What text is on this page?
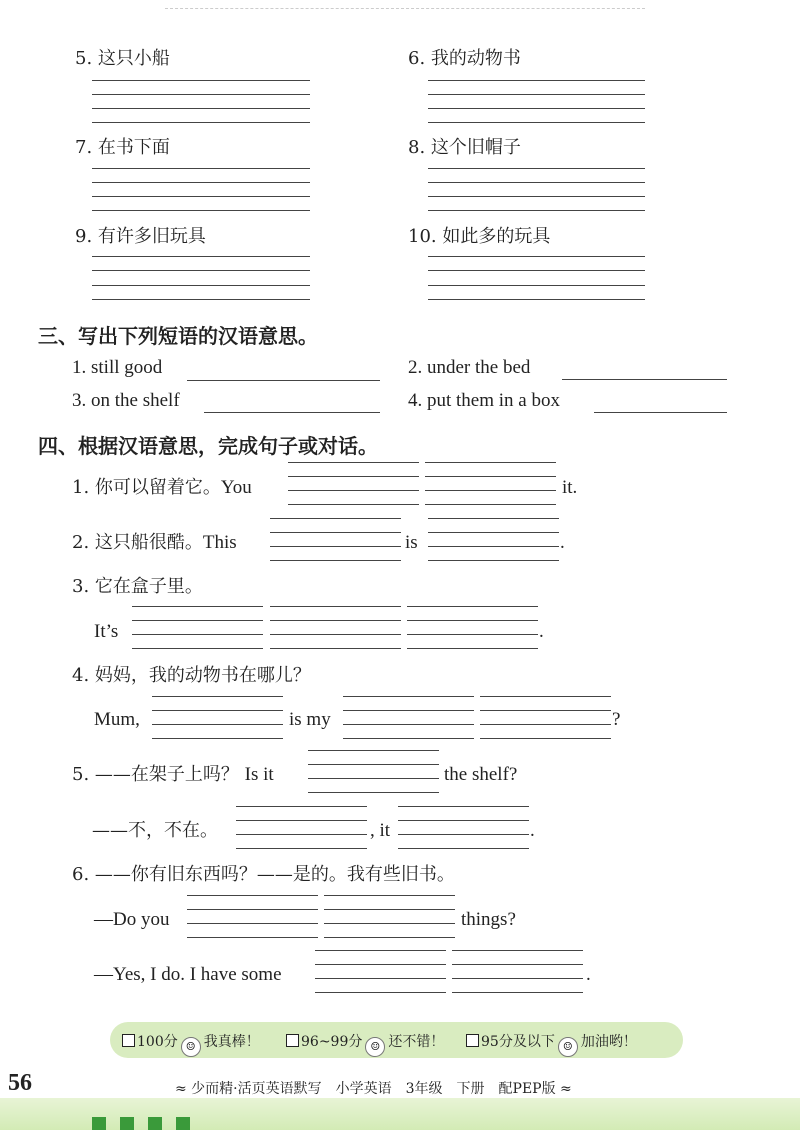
5. 这只小船	6. 我的动物书
7. 在书下面	8. 这个旧帽子
9. 有许多旧玩具	10. 如此多的玩具
三、写出下列短语的汉语意思。
1. still good	2. under the bed
3. on the shelf	4. put them in a box
四、根据汉语意思，完成句子或对话。
1. 你可以留着它。You	it.
2. 这只船很酷。This	is	.
3. 它在盒子里。
It’s	.
4. 妈妈，我的动物书在哪儿？
Mum,	is my	?
5. ——在架子上吗？ Is it	the shelf?
——不，不在。	, it	.
6. ——你有旧东西吗？——是的。我有些旧书。
—Do you	things?
—Yes, I do. I have some	.
100分 ☺ 我真棒！	96~99分 ☺ 还不错！	95分及以下 ☺ 加油哟！
56	≈ 少而精·活页英语默写　小学英语　3年级　下册　配PEP版 ≈
